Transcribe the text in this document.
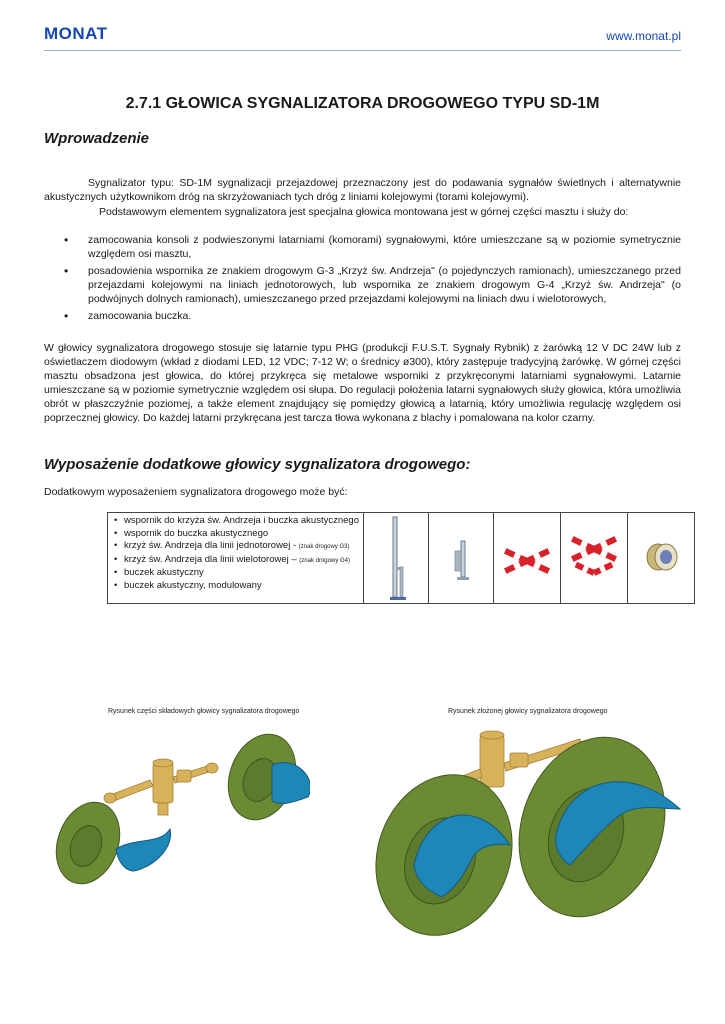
MONAT	www.monat.pl
2.7.1 GŁOWICA SYGNALIZATORA DROGOWEGO TYPU SD-1M
Wprowadzenie

Sygnalizator typu: SD-1M sygnalizacji przejazdowej przeznaczony jest do podawania sygnałów świetlnych i alternatywnie akustycznych użytkownikom dróg na skrzyżowaniach tych dróg z liniami kolejowymi (torami kolejowymi).

Podstawowym elementem sygnalizatora jest specjalna głowica montowana jest w górnej części masztu i służy do:

• zamocowania konsoli z podwieszonymi latarniami (komorami) sygnałowymi, które umieszczane są w poziomie symetrycznie względem osi masztu,
• posadowienia wspornika ze znakiem drogowym G-3 „Krzyż św. Andrzeja" (o pojedynczych ramionach), umieszczanego przed przejazdami kolejowymi na liniach jednotorowych, lub wspornika ze znakiem drogowym G-4 „Krzyż św. Andrzeja" (o podwójnych dolnych ramionach), umieszczanego przed przejazdami kolejowymi na liniach dwu i wielotorowych,
• zamocowania buczka.

W głowicy sygnalizatora drogowego stosuje się latarnie typu PHG (produkcji F.U.S.T. Sygnały Rybnik) z żarówką 12 V DC 24W lub z oświetlaczem diodowym (wkład z diodami LED, 12 VDC; 7-12 W; o średnicy ø300), który zastępuje tradycyjną żarówkę. W górnej części masztu obsadzona jest głowica, do której przykręca się metalowe wsporniki z przykręconymi latarniami sygnałowymi. Latarnie umieszczane są w poziomie symetrycznie względem osi słupa. Do regulacji położenia latarni sygnałowych służy głowica, która umożliwia obrót w płaszczyźnie poziomej, a także element znajdujący się pomiędzy głowicą a latarnią, który umożliwia regulację względem osi poprzecznej głowicy. Do każdej latarni przykręcana jest tarcza tłowa wykonana z blachy i pomalowana na kolor czarny.

Wyposażenie dodatkowe głowicy sygnalizatora drogowego:

Dodatkowym wyposażeniem sygnalizatora drogowego może być:

• wspornik do krzyża św. Andrzeja i buczka akustycznego
• wspornik do buczka akustycznego
• krzyż św. Andrzeja dla linii jednotorowej - (znak drogowy G3)
• krzyż św. Andrzeja dla linii wielotorowej – (znak drogowy G4)
• buczek akustyczny
• buczek akustyczny, modulowany

Rysunek części składowych głowicy sygnalizatora drogowego	Rysunek złożonej głowicy sygnalizatora drogowego
